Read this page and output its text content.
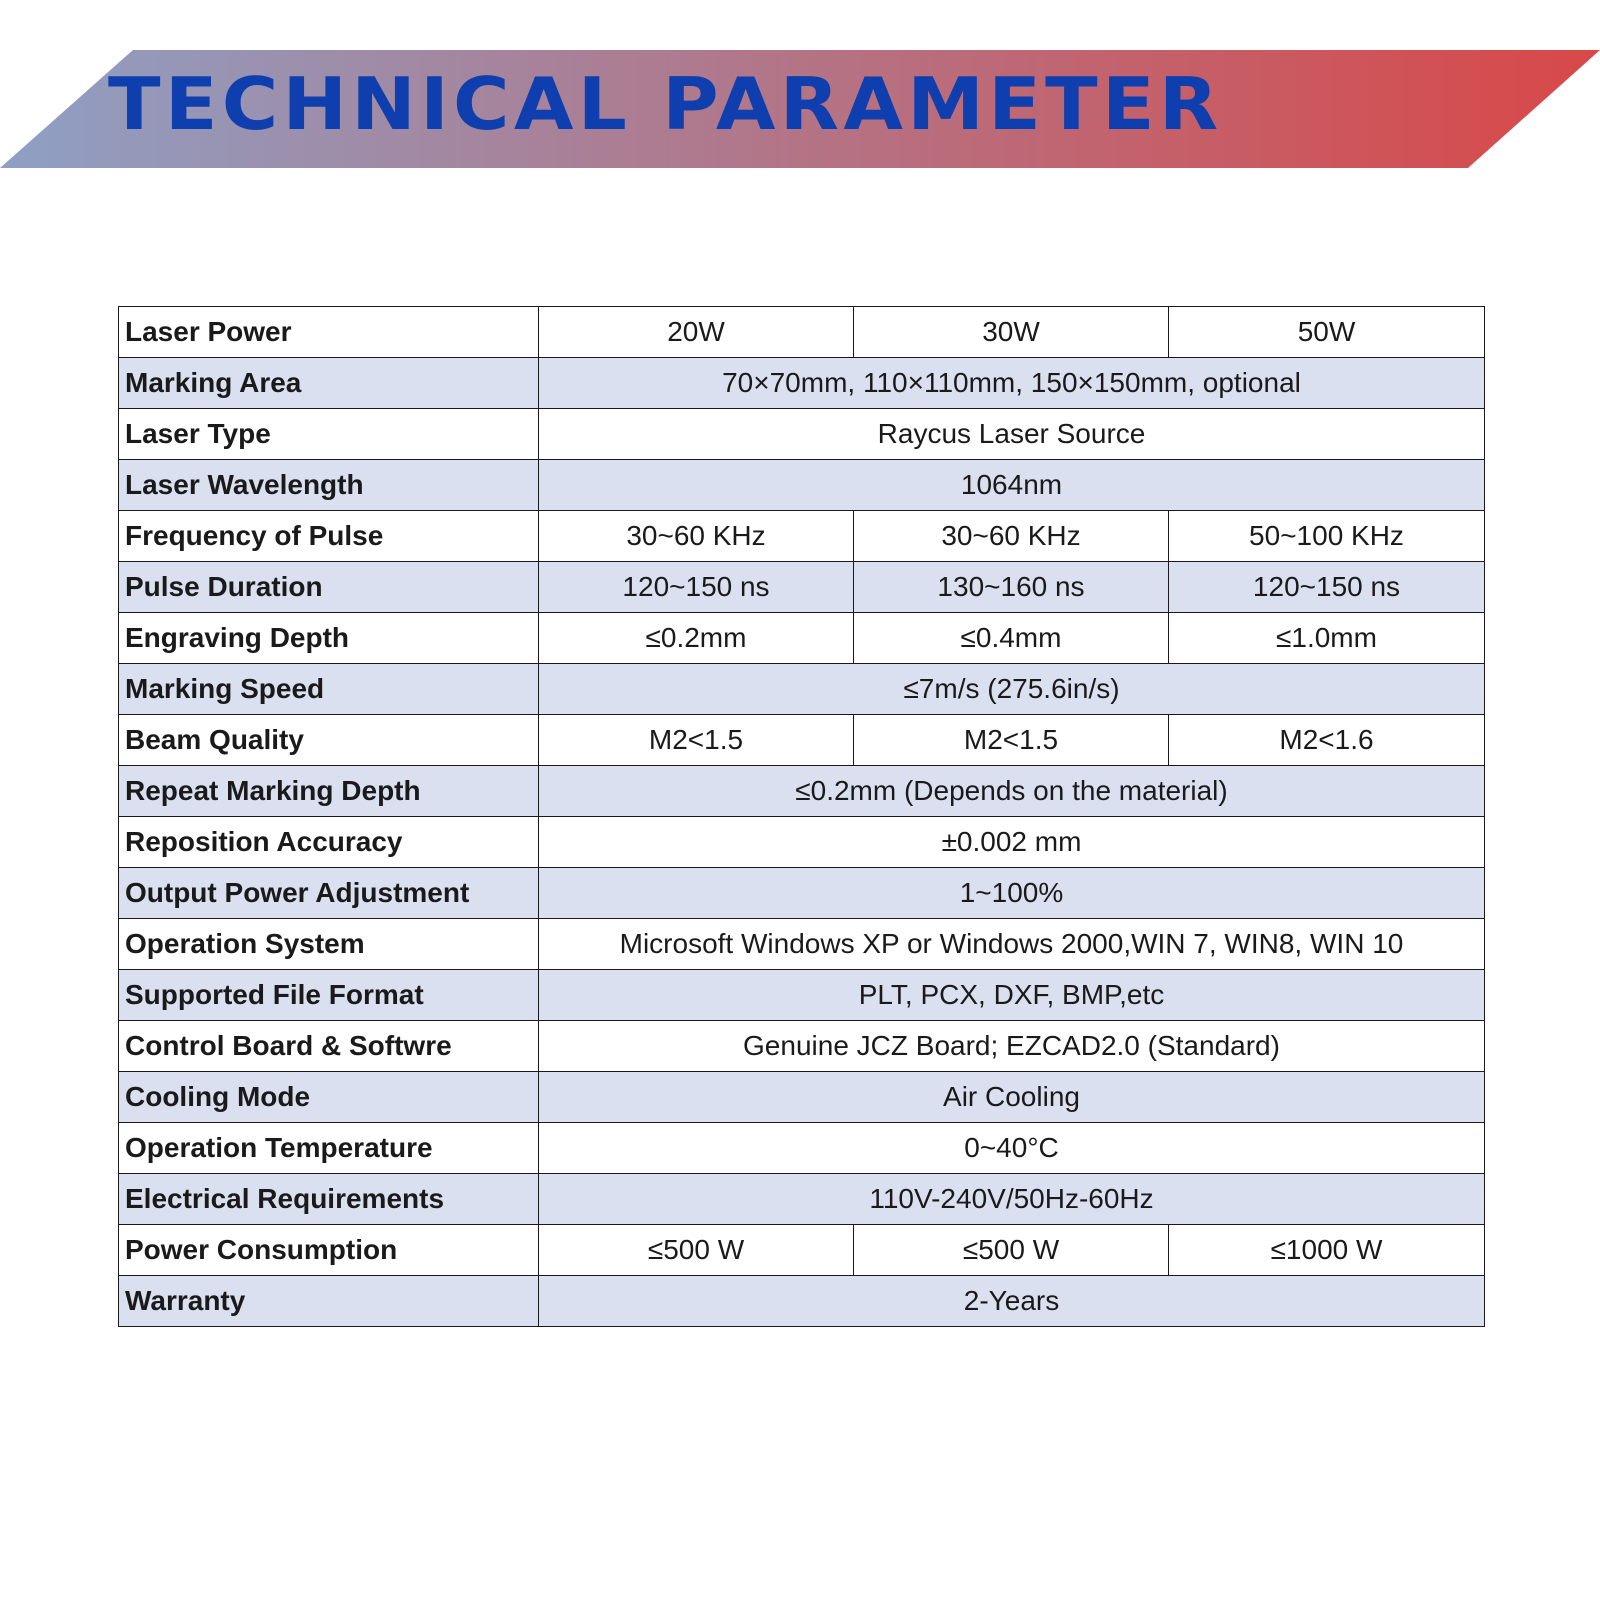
TECHNICAL PARAMETER
Laser Power	20W	30W	50W
Marking Area	70×70mm, 110×110mm, 150×150mm, optional		
Laser Type	Raycus Laser Source		
Laser Wavelength	1064nm		
Frequency of Pulse	30~60 KHz	30~60 KHz	50~100 KHz
Pulse Duration	120~150 ns	130~160 ns	120~150 ns
Engraving Depth	≤0.2mm	≤0.4mm	≤1.0mm
Marking Speed	≤7m/s (275.6in/s)		
Beam Quality	M2<1.5	M2<1.5	M2<1.6
Repeat Marking Depth	≤0.2mm (Depends on the material)		
Reposition Accuracy	±0.002 mm		
Output Power Adjustment	1~100%		
Operation System	Microsoft Windows XP or Windows 2000,WIN 7, WIN8, WIN 10		
Supported File Format	PLT, PCX, DXF, BMP,etc		
Control Board & Softwre	Genuine JCZ Board; EZCAD2.0 (Standard)		
Cooling Mode	Air Cooling		
Operation Temperature	0~40°C		
Electrical Requirements	110V-240V/50Hz-60Hz		
Power Consumption	≤500 W	≤500 W	≤1000 W
Warranty	2-Years		
